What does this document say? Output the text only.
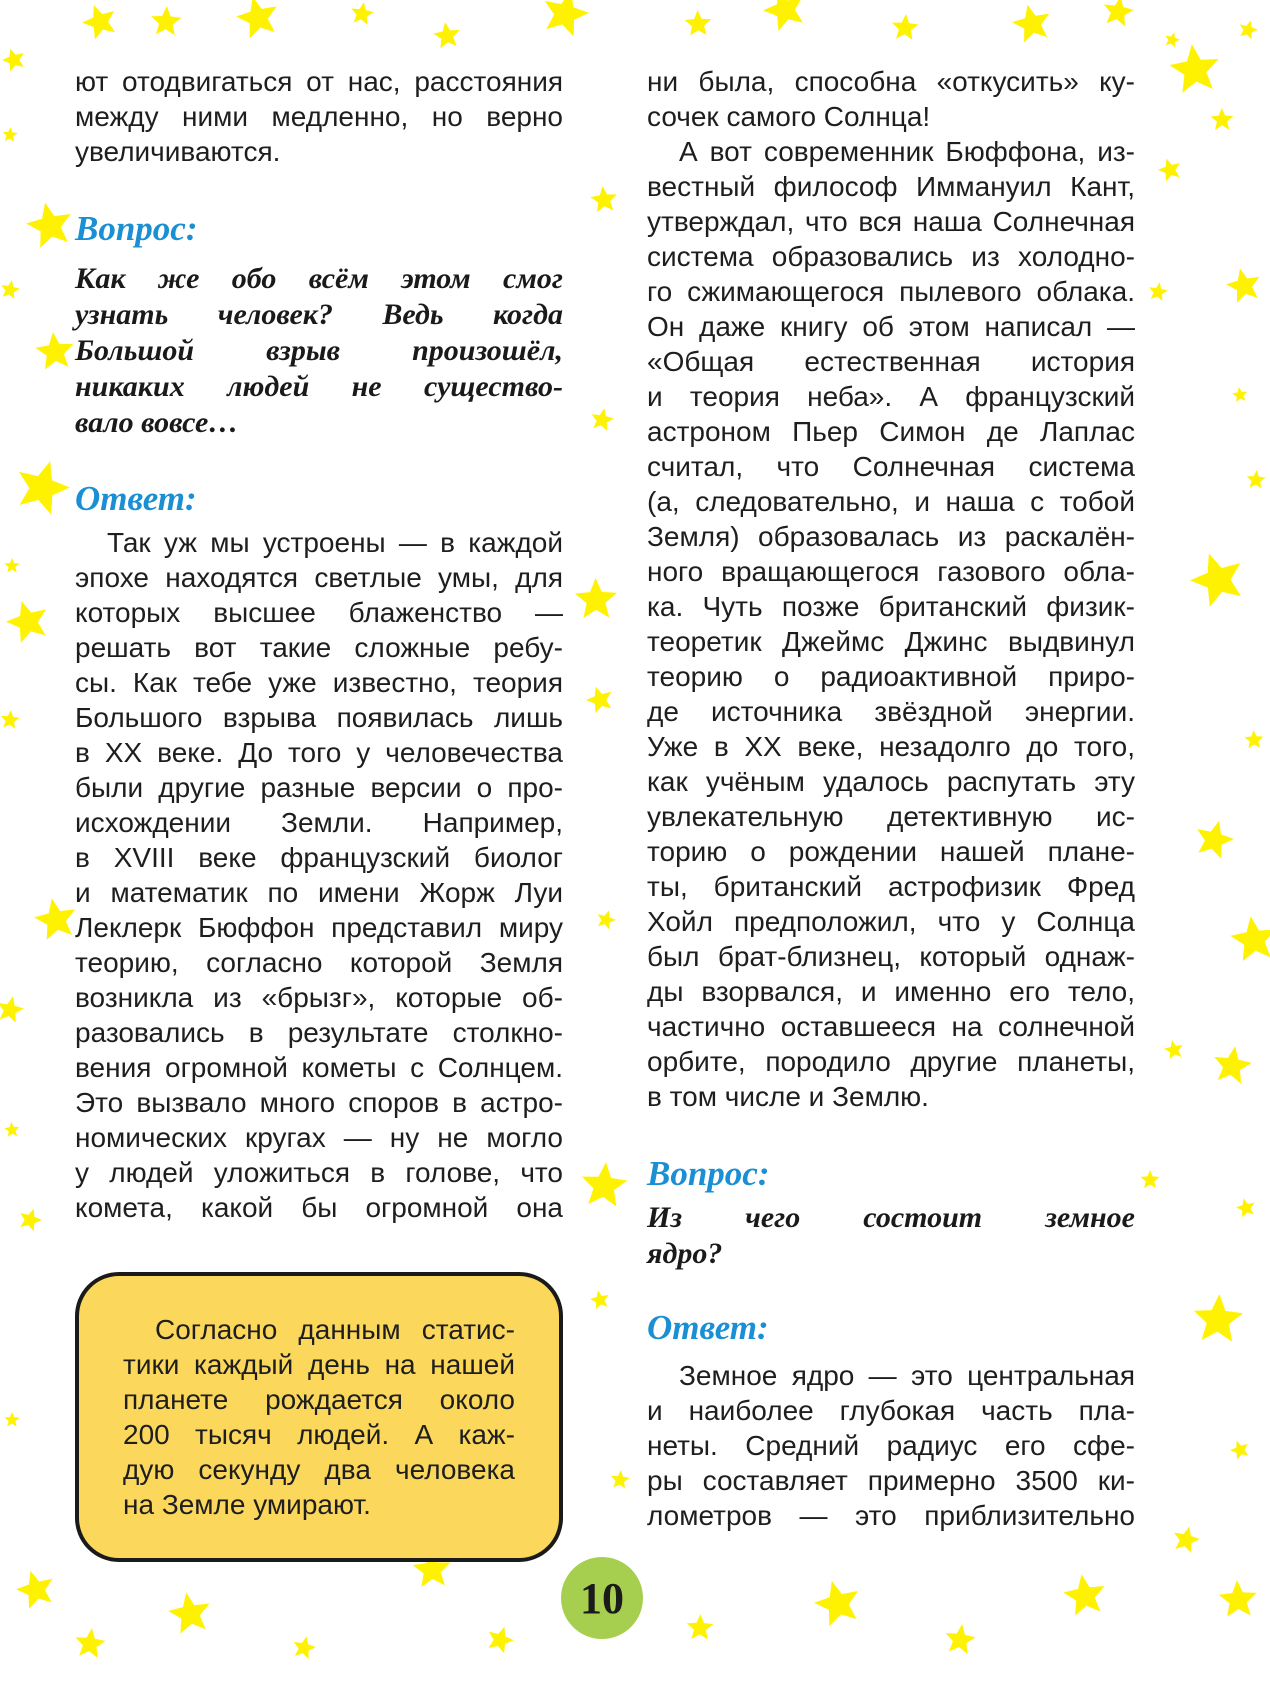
ют отодвигаться от нас, расстояния

между ними медленно, но верно

увеличиваются.

Вопрос:

Как же обо всём этом смог

узнать человек? Ведь когда

Большой взрыв произошёл,

никаких людей не существо-

вало вовсе…

Ответ:

Так уж мы устроены — в каждой

эпохе находятся светлые умы, для

которых высшее блаженство —

решать вот такие сложные ребу-

сы. Как тебе уже известно, теория

Большого взрыва появилась лишь

в XX веке. До того у человечества

были другие разные версии о про-

исхождении Земли. Например,

в XVIII веке французский биолог

и математик по имени Жорж Луи

Леклерк Бюффон представил миру

теорию, согласно которой Земля

возникла из «брызг», которые об-

разовались в результате столкно-

вения огромной кометы с Солнцем.

Это вызвало много споров в астро-

номических кругах — ну не могло

у людей уложиться в голове, что

комета, какой бы огромной она

Согласно данным статис-

тики каждый день на нашей

планете рождается около

200 тысяч людей. А каж-

дую секунду два человека

на Земле умирают.

ни была, способна «откусить» ку-

сочек самого Солнца!

А вот современник Бюффона, из-

вестный философ Иммануил Кант,

утверждал, что вся наша Солнечная

система образовались из холодно-

го сжимающегося пылевого облака.

Он даже книгу об этом написал —

«Общая естественная история

и теория неба». А французский

астроном Пьер Симон де Лаплас

считал, что Солнечная система

(а, следовательно, и наша с тобой

Земля) образовалась из раскалён-

ного вращающегося газового обла-

ка. Чуть позже британский физик-

теоретик Джеймс Джинс выдвинул

теорию о радиоактивной приро-

де источника звёздной энергии.

Уже в XX веке, незадолго до того,

как учёным удалось распутать эту

увлекательную детективную ис-

торию о рождении нашей плане-

ты, британский астрофизик Фред

Хойл предположил, что у Солнца

был брат-близнец, который однаж-

ды взорвался, и именно его тело,

частично оставшееся на солнечной

орбите, породило другие планеты,

в том числе и Землю.

Вопрос:

Из чего состоит земное

ядро?

Ответ:

Земное ядро — это центральная

и наиболее глубокая часть пла-

неты. Средний радиус его сфе-

ры составляет примерно 3500 ки-

лометров — это приблизительно

10
